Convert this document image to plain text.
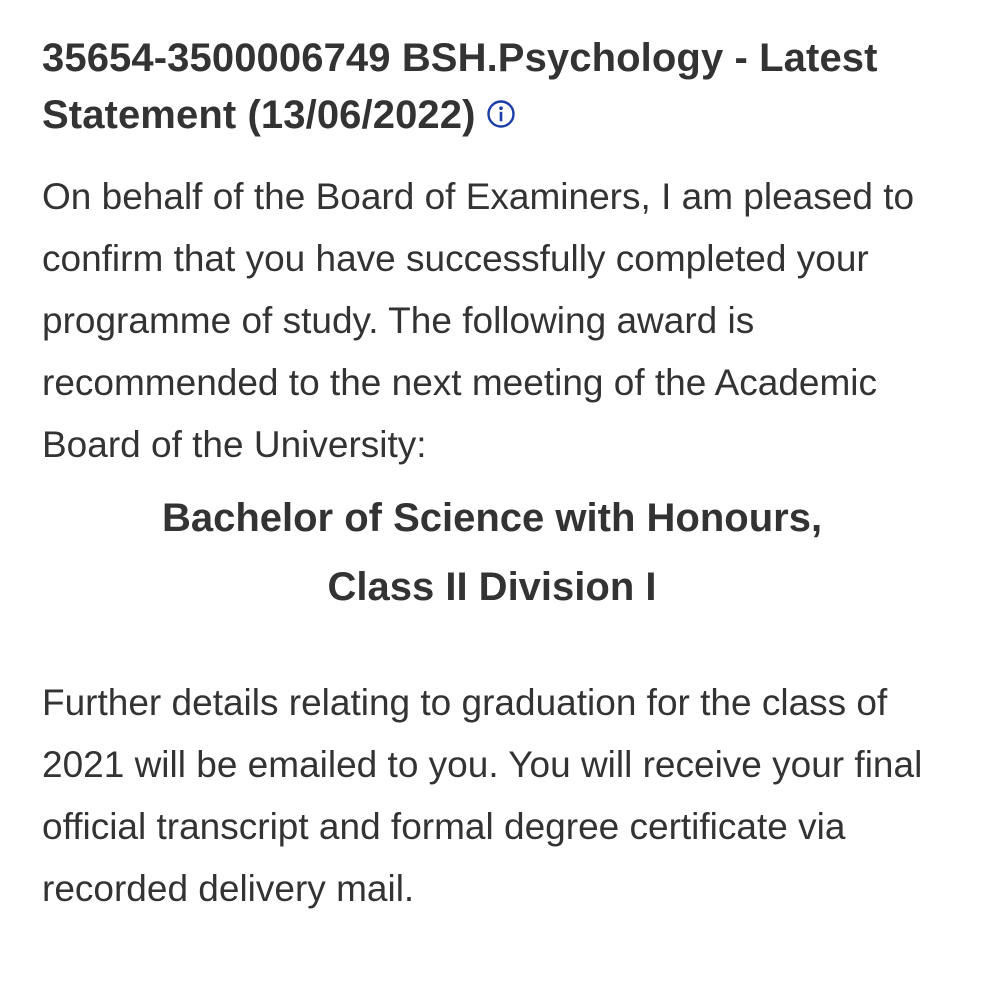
35654-3500006749 BSH.Psychology - Latest Statement (13/06/2022)

On behalf of the Board of Examiners, I am pleased to confirm that you have successfully completed your programme of study. The following award is recommended to the next meeting of the Academic Board of the University:

Bachelor of Science with Honours,
Class II Division I

Further details relating to graduation for the class of 2021 will be emailed to you. You will receive your final official transcript and formal degree certificate via recorded delivery mail.
